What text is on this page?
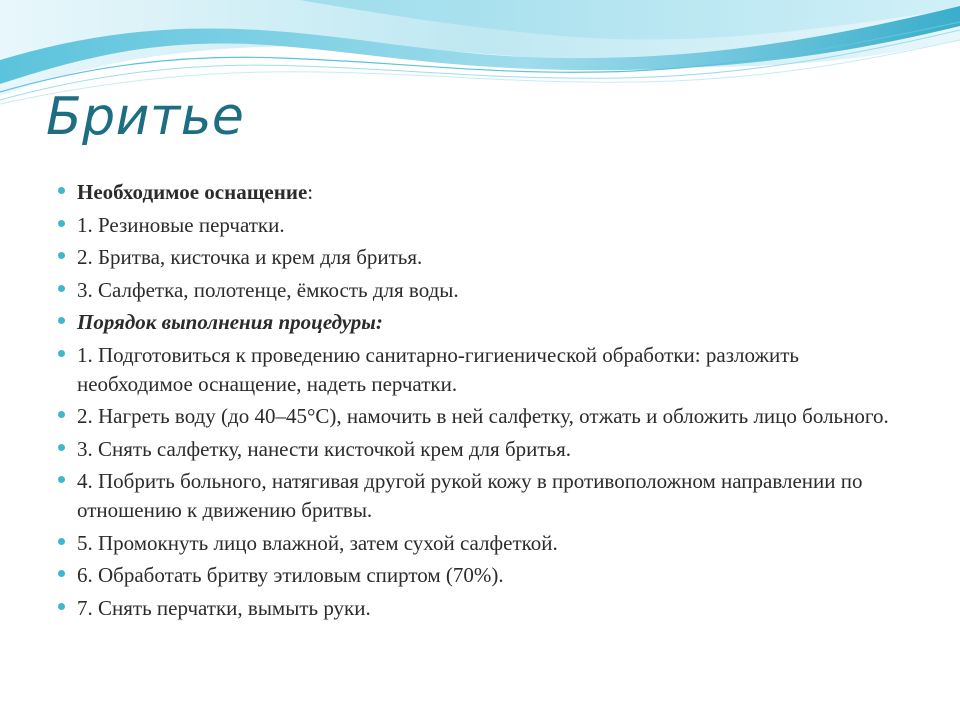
Бритье
Необходимое оснащение:
1. Резиновые перчатки.
2. Бритва, кисточка и крем для бритья.
3. Салфетка, полотенце, ёмкость для воды.
Порядок выполнения процедуры:
1. Подготовиться к проведению санитарно-гигиенической обработки: разложить необходимое оснащение, надеть перчатки.
2. Нагреть воду (до 40–45°С), намочить в ней салфетку, отжать и обложить лицо больного.
3. Снять салфетку, нанести кисточкой крем для бритья.
4. Побрить больного, натягивая другой рукой кожу в противоположном направлении по отношению к движению бритвы.
5. Промокнуть лицо влажной, затем сухой салфеткой.
6. Обработать бритву этиловым спиртом (70%).
7. Снять перчатки, вымыть руки.
